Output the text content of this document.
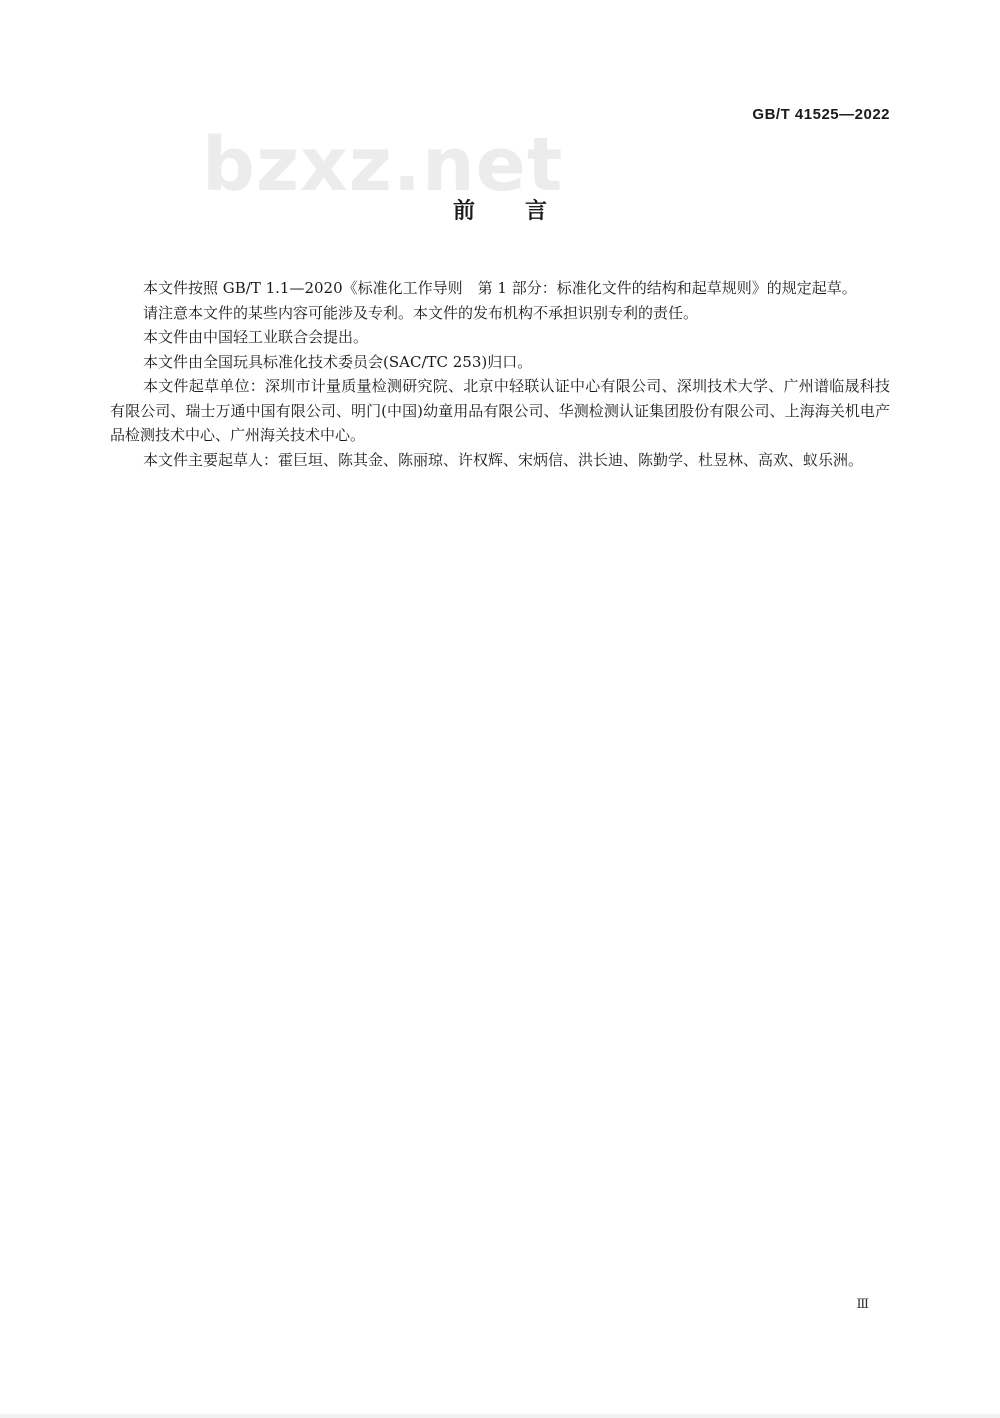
GB/T 41525—2022
bzxz.net
前言

本文件按照 GB/T 1.1—2020《标准化工作导则　第 1 部分：标准化文件的结构和起草规则》的规定起草。

请注意本文件的某些内容可能涉及专利。本文件的发布机构不承担识别专利的责任。

本文件由中国轻工业联合会提出。

本文件由全国玩具标准化技术委员会(SAC/TC 253)归口。

本文件起草单位：深圳市计量质量检测研究院、北京中轻联认证中心有限公司、深圳技术大学、广州谱临晟科技有限公司、瑞士万通中国有限公司、明门(中国)幼童用品有限公司、华测检测认证集团股份有限公司、上海海关机电产品检测技术中心、广州海关技术中心。

本文件主要起草人：霍巨垣、陈其金、陈丽琼、许权辉、宋炳信、洪长迪、陈勤学、杜昱林、高欢、蚁乐洲。

Ⅲ
